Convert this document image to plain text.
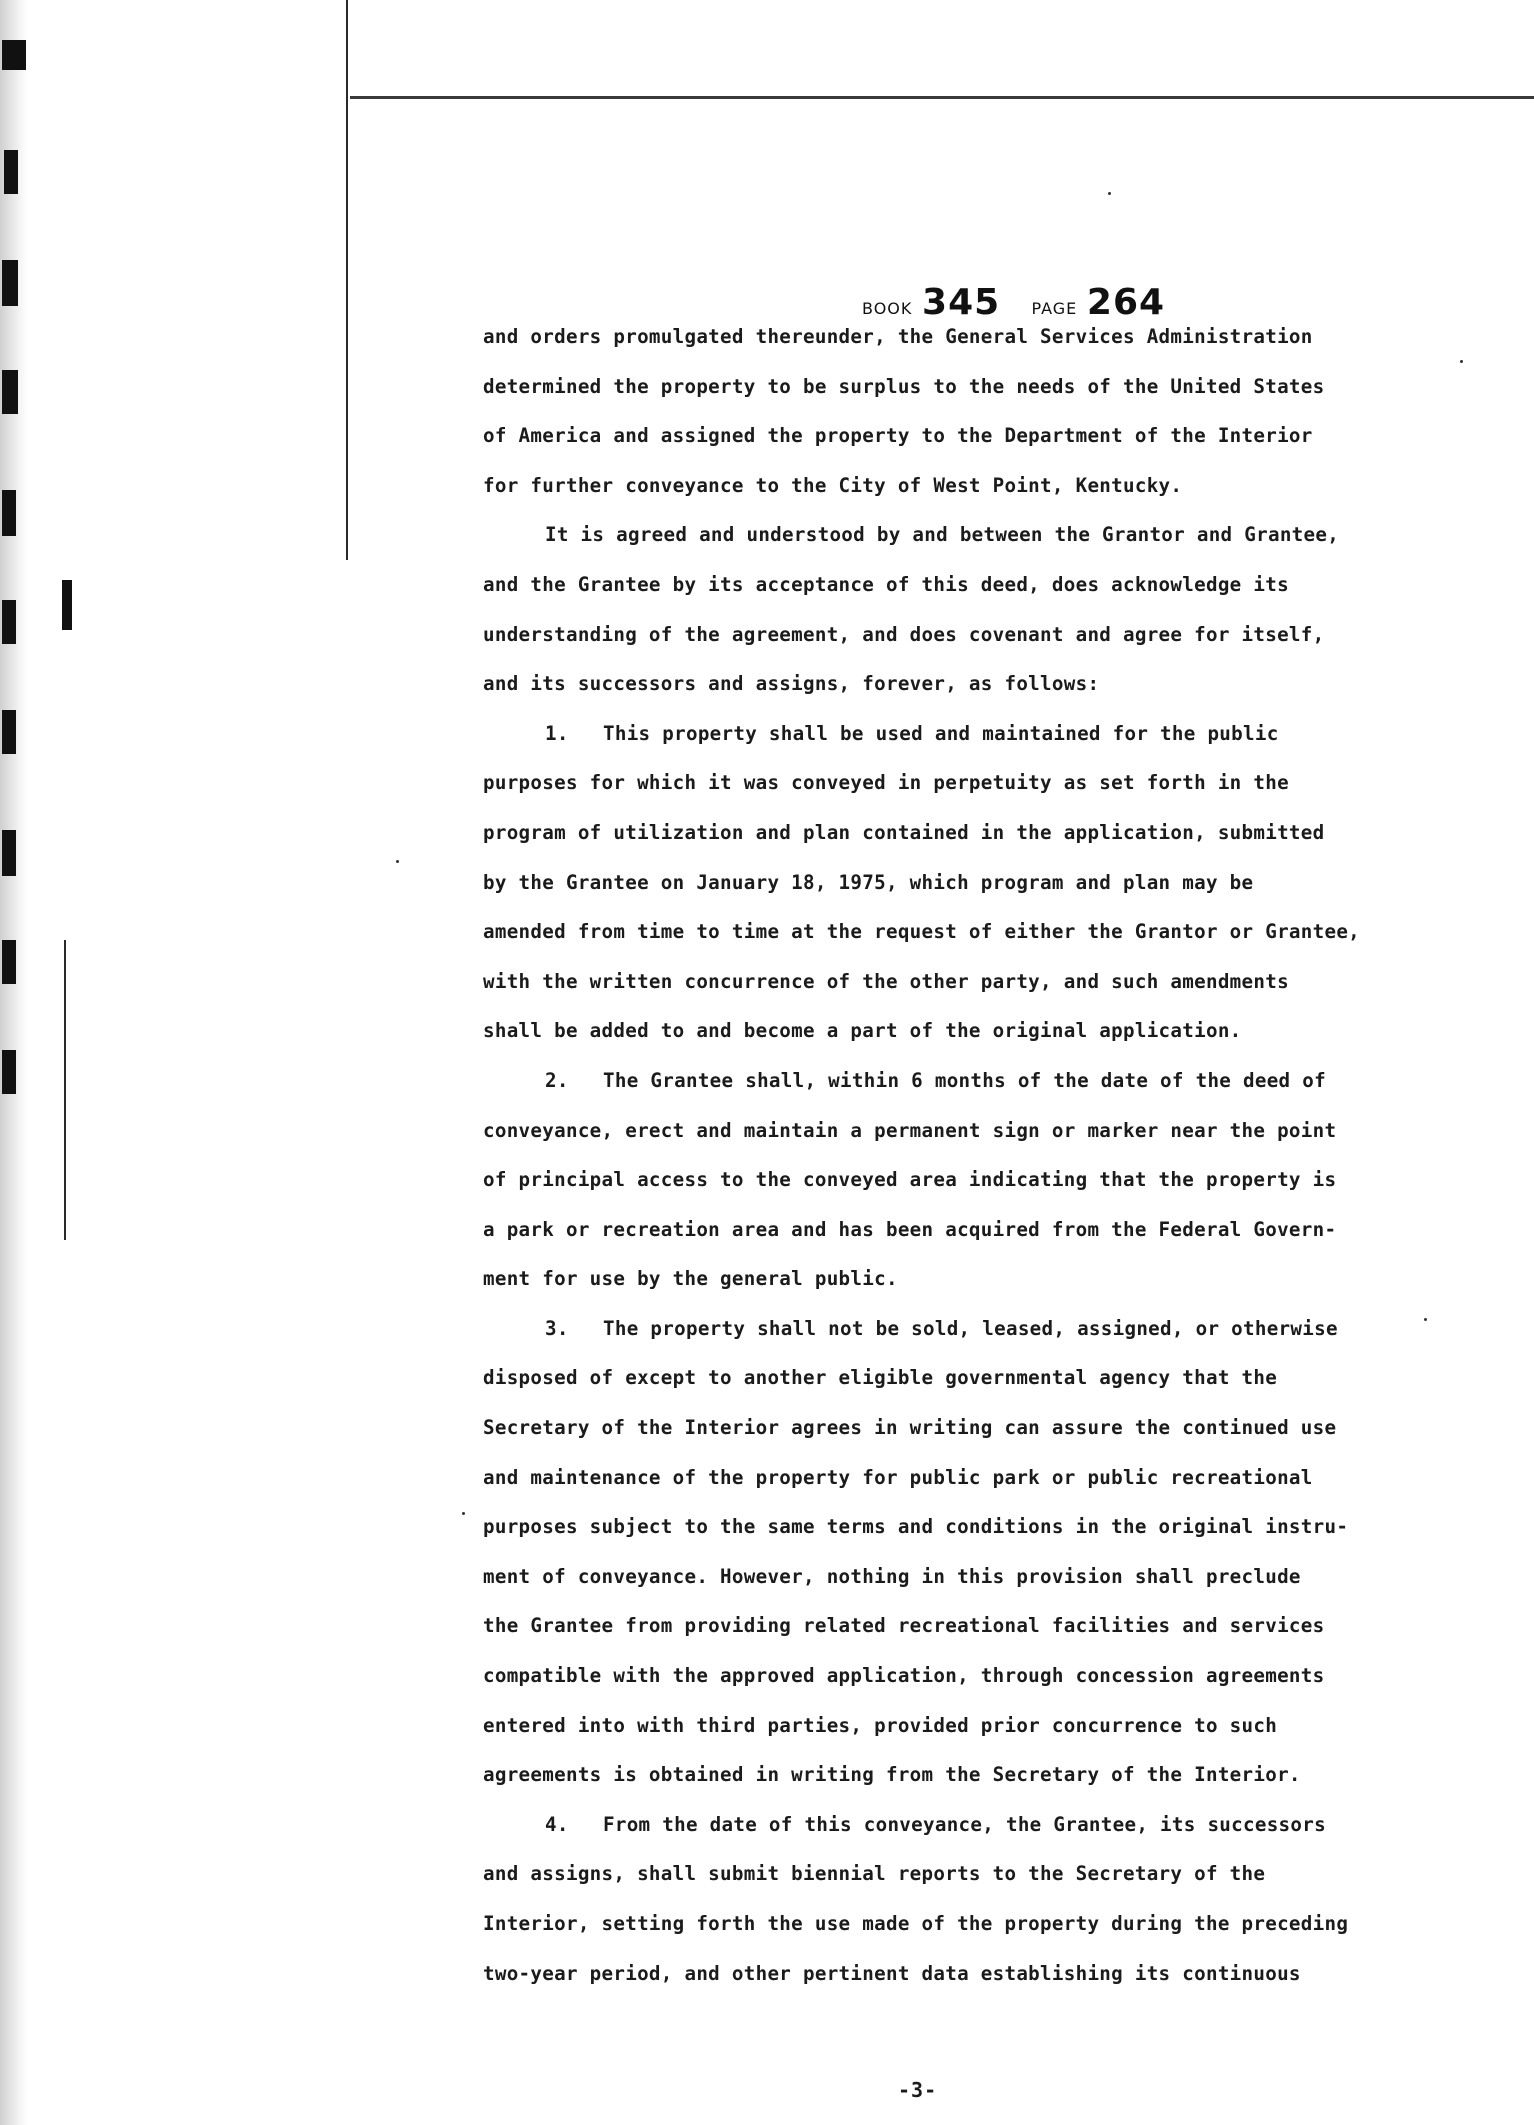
BOOK 345 PAGE 264
and orders promulgated thereunder, the General Services Administration
determined the property to be surplus to the needs of the United States
of America and assigned the property to the Department of the Interior
for further conveyance to the City of West Point, Kentucky.
It is agreed and understood by and between the Grantor and Grantee,
and the Grantee by its acceptance of this deed, does acknowledge its
understanding of the agreement, and does covenant and agree for itself,
and its successors and assigns, forever, as follows:
1. This property shall be used and maintained for the public
purposes for which it was conveyed in perpetuity as set forth in the
program of utilization and plan contained in the application, submitted
by the Grantee on January 18, 1975, which program and plan may be
amended from time to time at the request of either the Grantor or Grantee,
with the written concurrence of the other party, and such amendments
shall be added to and become a part of the original application.
2. The Grantee shall, within 6 months of the date of the deed of
conveyance, erect and maintain a permanent sign or marker near the point
of principal access to the conveyed area indicating that the property is
a park or recreation area and has been acquired from the Federal Govern-
ment for use by the general public.
3. The property shall not be sold, leased, assigned, or otherwise
disposed of except to another eligible governmental agency that the
Secretary of the Interior agrees in writing can assure the continued use
and maintenance of the property for public park or public recreational
purposes subject to the same terms and conditions in the original instru-
ment of conveyance. However, nothing in this provision shall preclude
the Grantee from providing related recreational facilities and services
compatible with the approved application, through concession agreements
entered into with third parties, provided prior concurrence to such
agreements is obtained in writing from the Secretary of the Interior.
4. From the date of this conveyance, the Grantee, its successors
and assigns, shall submit biennial reports to the Secretary of the
Interior, setting forth the use made of the property during the preceding
two-year period, and other pertinent data establishing its continuous
-3-
